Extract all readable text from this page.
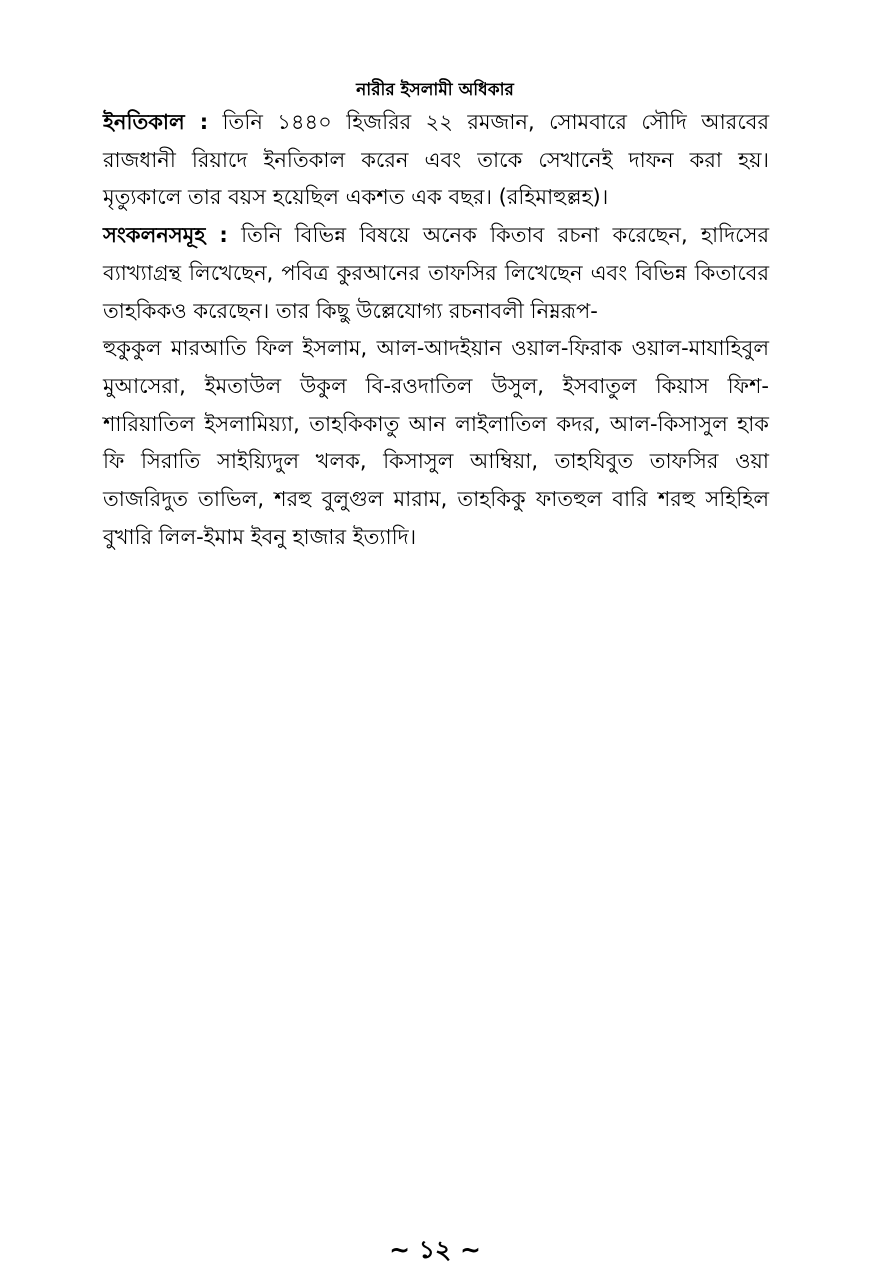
নারীর ইসলামী অধিকার

ইনতিকাল : তিনি ১৪৪০ হিজরির ২২ রমজান, সোমবারে সৌদি আরবের রাজধানী রিয়াদে ইনতিকাল করেন এবং তাকে সেখানেই দাফন করা হয়। মৃত্যুকালে তার বয়স হয়েছিল একশত এক বছর। (রহিমাহুল্লহ)।

সংকলনসমূহ : তিনি বিভিন্ন বিষয়ে অনেক কিতাব রচনা করেছেন, হাদিসের ব্যাখ্যাগ্রন্থ লিখেছেন, পবিত্র কুরআনের তাফসির লিখেছেন এবং বিভিন্ন কিতাবের তাহকিকও করেছেন। তার কিছু উল্লেযোগ্য রচনাবলী নিম্নরূপ-

হুকুকুল মারআতি ফিল ইসলাম, আল-আদইয়ান ওয়াল-ফিরাক ওয়াল-মাযাহিবুল মুআসেরা, ইমতাউল উকুল বি-রওদাতিল উসুল, ইসবাতুল কিয়াস ফিশ-শারিয়াতিল ইসলামিয়্যা, তাহকিকাতু আন লাইলাতিল কদর, আল-কিসাসুল হাক ফি সিরাতি সাইয়্যিদুল খলক, কিসাসুল আম্বিয়া, তাহযিবুত তাফসির ওয়া তাজরিদুত তাভিল, শরহু বুলুগুল মারাম, তাহকিকু ফাতহুল বারি শরহু সহিহিল বুখারি লিল-ইমাম ইবনু হাজার ইত্যাদি।

~ ১২ ~
